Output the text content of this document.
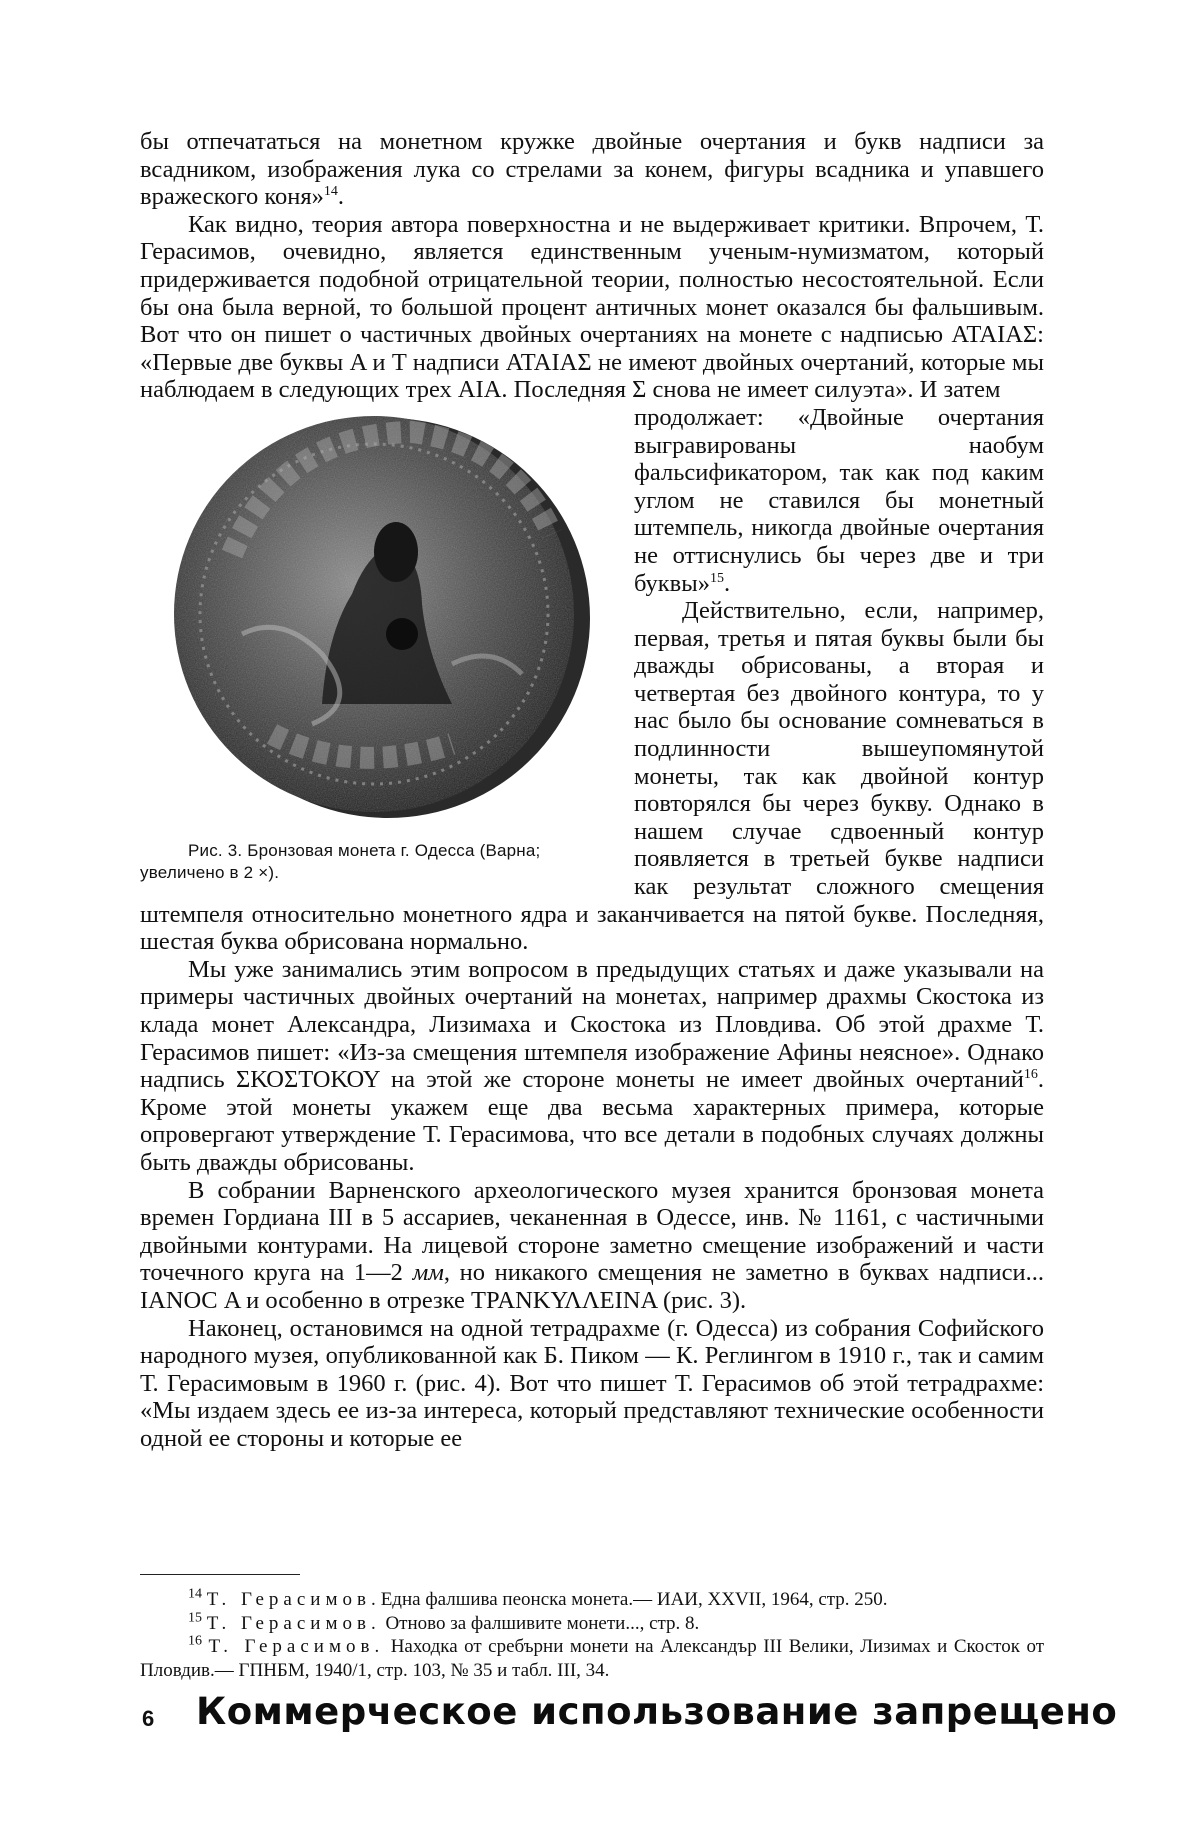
бы отпечататься на монетном кружке двойные очертания и букв надписи за всадником, изображения лука со стрелами за конем, фигуры всадника и упавшего вражеского коня»$^{14}$.

Как видно, теория автора поверхностна и не выдерживает критики. Впрочем, Т. Герасимов, очевидно, является единственным ученым-нумизматом, который придерживается подобной отрицательной теории, полностью несостоятельной. Если бы она была верной, то большой процент античных монет оказался бы фальшивым. Вот что он пишет о частичных двойных очертаниях на монете с надписью ΑΤΑΙΑΣ: «Первые две буквы Α и Τ надписи ΑΤΑΙΑΣ не имеют двойных очертаний, которые мы наблюдаем в следующих трех ΑΙΑ. Последняя Σ снова не имеет силуэта». И затем

Рис. 3. Бронзовая монета г. Одесса (Варна; увеличено в 2 ×).
продолжает: «Двойные очертания выгравированы наобум фальсификатором, так как под каким углом не ставился бы монетный штемпель, никогда двойные очертания не оттиснулись бы через две и три буквы»$^{15}$.

Действительно, если, например, первая, третья и пятая буквы были бы дважды обрисованы, а вторая и четвертая без двойного контура, то у нас было бы основание сомневаться в подлинности вышеупомянутой монеты, так как двойной контур повторялся бы через букву. Однако в нашем случае сдвоенный контур появляется в третьей букве надписи как результат сложного смещения штемпеля относительно монетного ядра и заканчивается на пятой букве. Последняя, шестая буква обрисована нормально.

Мы уже занимались этим вопросом в предыдущих статьях и даже указывали на примеры частичных двойных очертаний на монетах, например драхмы Скостока из клада монет Александра, Лизимаха и Скостока из Пловдива. Об этой драхме Т. Герасимов пишет: «Из-за смещения штемпеля изображение Афины неясное». Однако надпись ΣΚΟΣΤΟΚΟΥ на этой же стороне монеты не имеет двойных очертаний$^{16}$. Кроме этой монеты укажем еще два весьма характерных примера, которые опровергают утверждение Т. Герасимова, что все детали в подобных случаях должны быть дважды обрисованы.

В собрании Варненского археологического музея хранится бронзовая монета времен Гордиана III в 5 ассариев, чеканенная в Одессе, инв. № 1161, с частичными двойными контурами. На лицевой стороне заметно смещение изображений и части точечного круга на 1—2 мм, но никакого смещения не заметно в буквах надписи... ΙΑΝΟC Α и особенно в отрезке ΤΡΑΝΚΥΛΛΕΙΝΑ (рис. 3).

Наконец, остановимся на одной тетрадрахме (г. Одесса) из собрания Софийского народного музея, опубликованной как Б. Пиком — К. Реглингом в 1910 г., так и самим Т. Герасимовым в 1960 г. (рис. 4). Вот что пишет Т. Герасимов об этой тетрадрахме: «Мы издаем здесь ее из-за интереса, который представляют технические особенности одной ее стороны и которые ее

$^{14}$ Т. Герасимов.Една фалшива пеонска монета.— ИАИ, XXVII, 1964, стр. 250.

$^{15}$ Т. Герасимов. Отново за фалшивите монети..., стр. 8.

$^{16}$ Т. Герасимов. Находка от сребърни монети на Александър III Велики, Лизимах и Скосток от Пловдив.— ГПНБМ, 1940/1, стр. 103, № 35 и табл. III, 34.

6 Коммерческое использование запрещено
